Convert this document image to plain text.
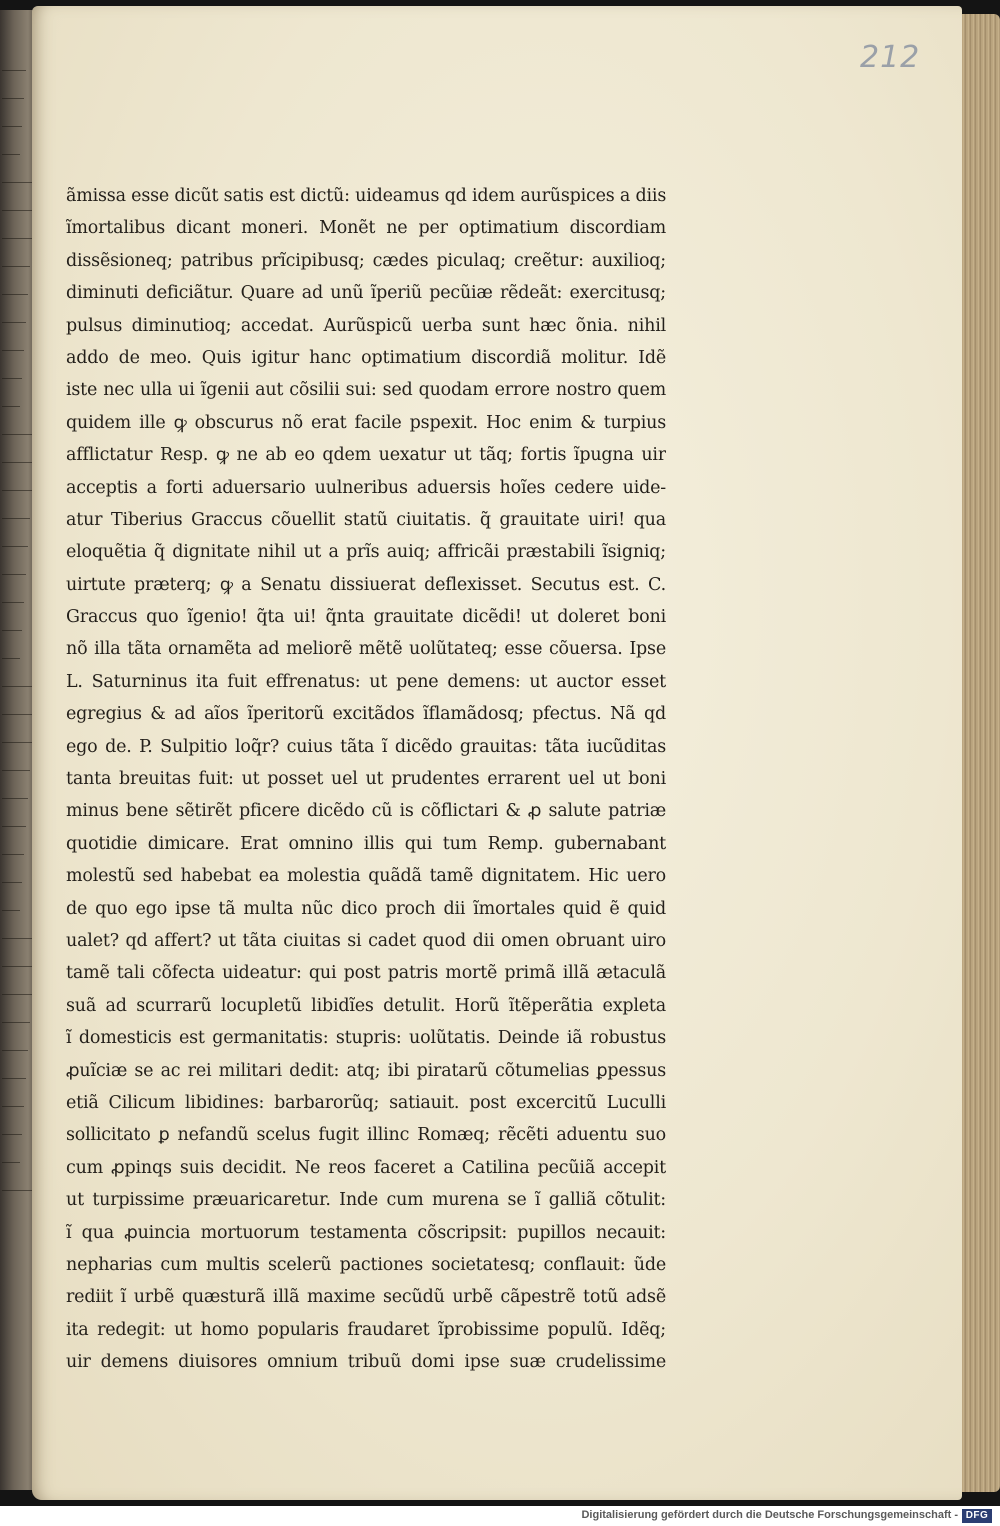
212
ãmissa esse dicũt satis est dictũ: uideamus qd idem aurũspices a diis
ĩmortalibus dicant moneri. Monẽt ne per optimatium discordiam
dissẽsioneq; patribus prĩcipibusq; cædes piculaq; creẽtur: auxilioq;
diminuti deficiãtur. Quare ad unũ ĩperiũ pecũiæ rẽdeãt: exercitusq;
pulsus diminutioq; accedat. Aurũspicũ uerba sunt hæc õnia. nihil
addo de meo. Quis igitur hanc optimatium discordiã molitur. Idẽ
iste nec ulla ui ĩgenii aut cõsilii sui: sed quodam errore nostro quem
quidem ille ꝙ obscurus nõ erat facile pspexit. Hoc enim & turpius
afflictatur Resp. ꝙ ne ab eo qdem uexatur ut tãq; fortis ĩpugna uir
acceptis a forti aduersario uulneribus aduersis hoĩes cedere uide-
atur Tiberius Graccus cõuellit statũ ciuitatis. q̃ grauitate uiri! qua
eloquẽtia q̃ dignitate nihil ut a prĩs auiq; affricãi præstabili ĩsigniq;
uirtute præterq; ꝙ a Senatu dissiuerat deflexisset. Secutus est. C.
Graccus quo ĩgenio! q̃ta ui! q̃nta grauitate dicẽdi! ut doleret boni
nõ illa tãta ornamẽta ad meliorẽ mẽtẽ uolũtateq; esse cõuersa. Ipse
L. Saturninus ita fuit effrenatus: ut pene demens: ut auctor esset
egregius & ad aĩos ĩperitorũ excitãdos ĩflamãdosq; pfectus. Nã qd
ego de. P. Sulpitio loq̃r? cuius tãta ĩ dicẽdo grauitas: tãta iucũditas
tanta breuitas fuit: ut posset uel ut prudentes errarent uel ut boni
minus bene sẽtirẽt pficere dicẽdo cũ is cõflictari & ꝓ salute patriæ
quotidie dimicare. Erat omnino illis qui tum Remp. gubernabant
molestũ sed habebat ea molestia quãdã tamẽ dignitatem. Hic uero
de quo ego ipse tã multa nũc dico proch dii ĩmortales quid ẽ quid
ualet? qd affert? ut tãta ciuitas si cadet quod dii omen obruant uiro
tamẽ tali cõfecta uideatur: qui post patris mortẽ primã illã ætaculã
suã ad scurrarũ locupletũ libidĩes detulit. Horũ ĩtẽperãtia expleta
ĩ domesticis est germanitatis: stupris: uolũtatis. Deinde iã robustus
ꝓuĩciæ se ac rei militari dedit: atq; ibi piratarũ cõtumelias ꝑpessus
etiã Cilicum libidines: barbarorũq; satiauit. post excercitũ Luculli
sollicitato ꝑ nefandũ scelus fugit illinc Romæq; rẽcẽti aduentu suo
cum ꝓpinqs suis decidit. Ne reos faceret a Catilina pecũiã accepit
ut turpissime præuaricaretur. Inde cum murena se ĩ galliã cõtulit:
ĩ qua ꝓuincia mortuorum testamenta cõscripsit: pupillos necauit:
nepharias cum multis scelerũ pactiones societatesq; conflauit: ũde
rediit ĩ urbẽ quæsturã illã maxime secũdũ urbẽ cãpestrẽ totũ adsẽ
ita redegit: ut homo popularis fraudaret ĩprobissime populũ. Idẽq;
uir demens diuisores omnium tribuũ domi ipse suæ crudelissime
Digitalisierung gefördert durch die Deutsche Forschungsgemeinschaft - DFG
